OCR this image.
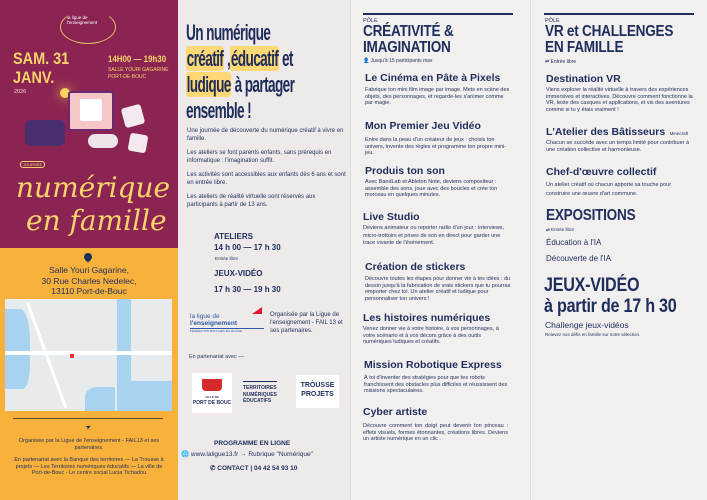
la ligue de
l'enseignement
SAM. 31
JANV.
2026
14H00 — 19h30
SALLE YOURI GAGARINE
PORT-DE-BOUC
JOURNÉE
numérique
en famille
Salle Youri Gagarine,
30 Rue Charles Nedelec,
13110 Port-de-Bouc
➤
Organisée par la Ligue de l'enseignement - FAIL13 et ses partenaires.
En partenariat avec la Banque des territoires — La Trousse à projets — Les Territoires numériques éducatifs — La ville de Port-de-Bouc - Le centre social Lucia Tichadou
Un numérique
créatif ,éducatif et
ludique à partager
ensemble !

Une journée de découverte du numérique créatif à vivre en famille.

Les ateliers se font parents enfants, sans prérequis en informatique : l'imagination suffit.

Les activités sont accessibles aux enfants dès 6 ans et sont en entrée libre.

Les ateliers de réalité virtuelle sont réservés aux participants à partir de 13 ans.

ATELIERS
14 h 00 — 17 h 30
Entrée libre
JEUX-VIDÉO
17 h 30 — 19 h 30
la ligue de
l'enseignement
FÉDÉRATION BOUCHES-DU-RHÔNE
Organisée par la Ligue de l'enseignement - FAIL 13 et ses partenaires.
En partenariat avec —
VILLE DE
PORT DE BOUC
TERRITOIRES
NUMÉRIQUES
ÉDUCATIFS
TRÒUSSE
PROJETS
PROGRAMME EN LIGNE
🌐 www.laligue13.fr → Rubrique "Numérique"
✆ CONTACT | 04 42 54 93 10
PÔLE
CRÉATIVITÉ &
IMAGINATION
👤 Jusqu'à 15 participants max
Le Cinéma en Pâte à Pixels
Fabrique ton mini film image par image. Mets en scène des objets, des personnages, et regarde-les s'animer comme par magie.
Mon Premier Jeu Vidéo
Entre dans la peau d'un créateur de jeux : choisis ton univers, invente des règles et programme ton propre mini-jeu.
Produis ton son
Avec BandLab et Ableton Note, deviens compositeur : assemble des sons, joue avec des boucles et crée ton morceau en quelques minutes.
Live Studio
Deviens animateur ou reporter radio d'un jour : interviews, micro-trottoirs et prises de son en direct pour garder une trace vivante de l'événement.
Création de stickers
Découvre toutes les étapes pour donner vie à tes idées : du dessin jusqu'à la fabrication de vrais stickers que tu pourras emporter chez toi. Un atelier créatif et ludique pour personnaliser ton univers !
Les histoires numériques
Venez donner vie à votre histoire, à vos personnages, à votre scénario et à vos décors grâce à des outils numériques ludiques et créatifs.
Mission Robotique Express
À toi d'inventer des stratégies pour que tes robots franchissent des obstacles plus difficiles et réussissent des missions spectaculaires.
Cyber artiste
Découvre comment ton doigt peut devenir ton pinceau : effets visuels, formes étonnantes, créations libres. Deviens un artiste numérique en un clic .
PÔLE
VR et CHALLENGES
EN FAMILLE
⇄ Entrée libre
Destination VR
Viens explorer la réalité virtuelle à travers des expériences immersives et interactives. Découvre comment fonctionne la VR, teste des casques et applications, et vis des aventures comme si tu y étais vraiment !
L'Atelier des Bâtisseurs Minecraft
Chacun se succède avec un temps limité pour contribuer à une création collective et harmonieuse.
Chef-d'œuvre collectif
Un atelier créatif où chacun apporte sa touche pour construire une œuvre d'art commune.
EXPOSITIONS
⇄ Entrée libre
Éducation à l'IA
Découverte de l'IA
JEUX-VIDÉO
à partir de 17 h 30
Challenge jeux-vidéos
Relevez nos défis en famille sur notre sélection.
